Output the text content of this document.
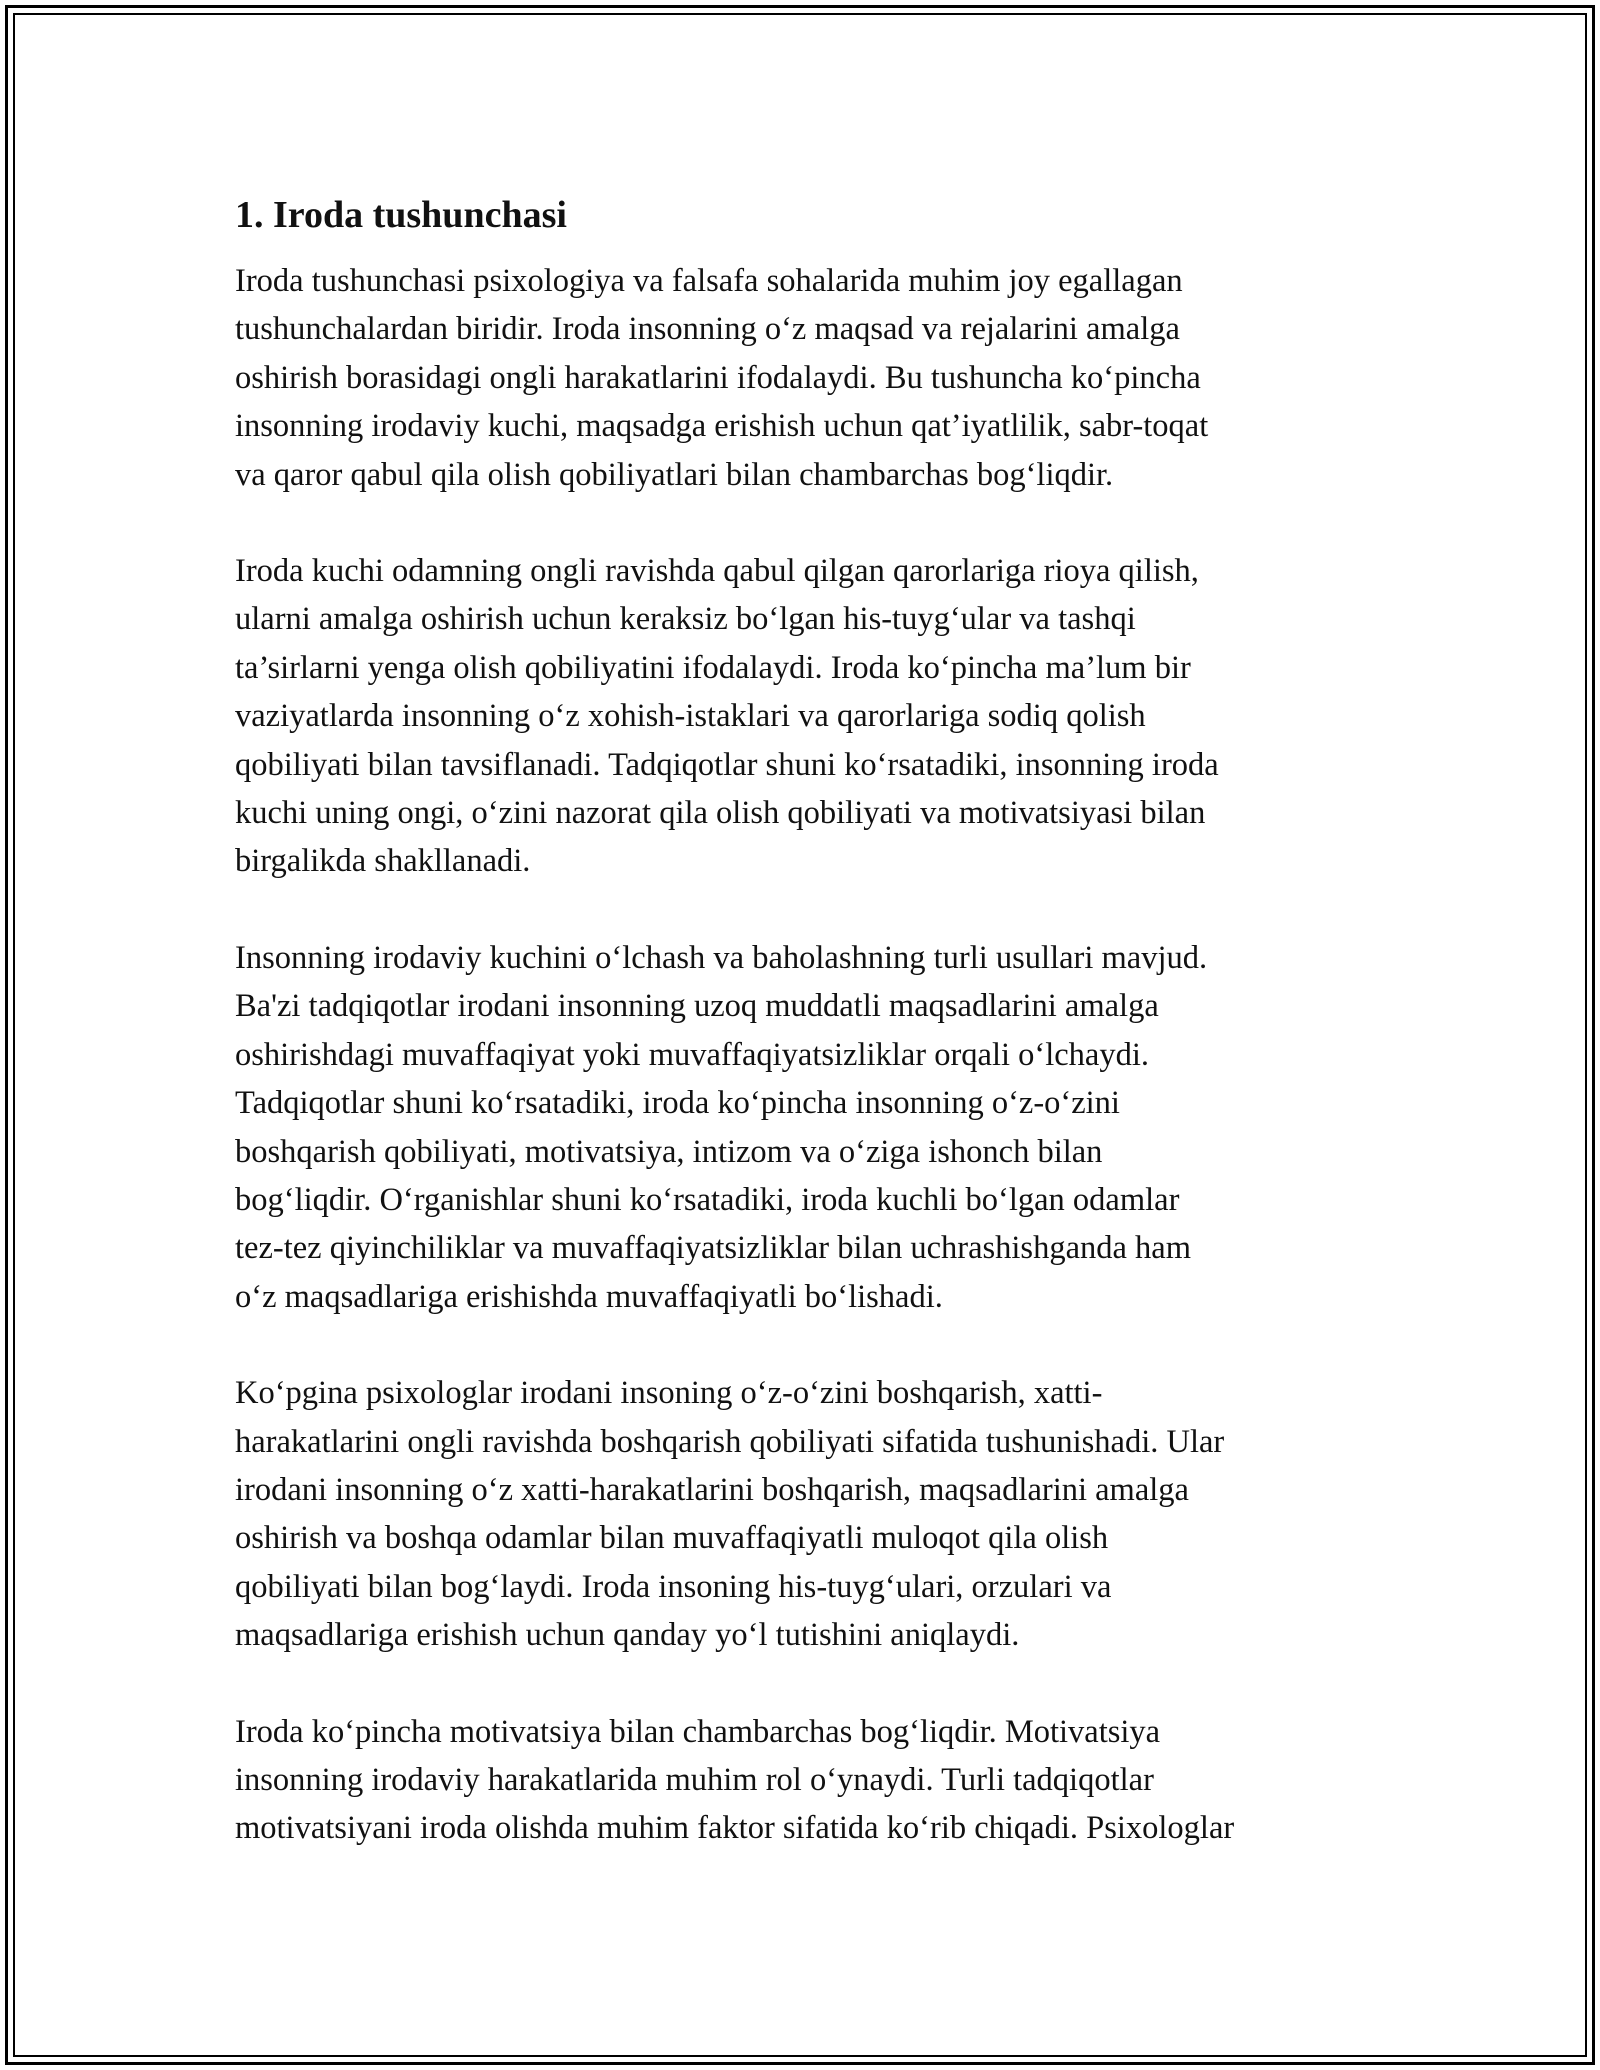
1. Iroda tushunchasi

Iroda tushunchasi psixologiya va falsafa sohalarida muhim joy egallagan
tushunchalardan biridir. Iroda insonning o‘z maqsad va rejalarini amalga
oshirish borasidagi ongli harakatlarini ifodalaydi. Bu tushuncha ko‘pincha
insonning irodaviy kuchi, maqsadga erishish uchun qat’iyatlilik, sabr-toqat
va qaror qabul qila olish qobiliyatlari bilan chambarchas bog‘liqdir.

Iroda kuchi odamning ongli ravishda qabul qilgan qarorlariga rioya qilish,
ularni amalga oshirish uchun keraksiz bo‘lgan his-tuyg‘ular va tashqi
ta’sirlarni yenga olish qobiliyatini ifodalaydi. Iroda ko‘pincha ma’lum bir
vaziyatlarda insonning o‘z xohish-istaklari va qarorlariga sodiq qolish
qobiliyati bilan tavsiflanadi. Tadqiqotlar shuni ko‘rsatadiki, insonning iroda
kuchi uning ongi, o‘zini nazorat qila olish qobiliyati va motivatsiyasi bilan
birgalikda shakllanadi.

Insonning irodaviy kuchini o‘lchash va baholashning turli usullari mavjud.
Ba'zi tadqiqotlar irodani insonning uzoq muddatli maqsadlarini amalga
oshirishdagi muvaffaqiyat yoki muvaffaqiyatsizliklar orqali o‘lchaydi.
Tadqiqotlar shuni ko‘rsatadiki, iroda ko‘pincha insonning o‘z-o‘zini
boshqarish qobiliyati, motivatsiya, intizom va o‘ziga ishonch bilan
bog‘liqdir. O‘rganishlar shuni ko‘rsatadiki, iroda kuchli bo‘lgan odamlar
tez-tez qiyinchiliklar va muvaffaqiyatsizliklar bilan uchrashishganda ham
o‘z maqsadlariga erishishda muvaffaqiyatli bo‘lishadi.

Ko‘pgina psixologlar irodani insoning o‘z-o‘zini boshqarish, xatti-
harakatlarini ongli ravishda boshqarish qobiliyati sifatida tushunishadi. Ular
irodani insonning o‘z xatti-harakatlarini boshqarish, maqsadlarini amalga
oshirish va boshqa odamlar bilan muvaffaqiyatli muloqot qila olish
qobiliyati bilan bog‘laydi. Iroda insoning his-tuyg‘ulari, orzulari va
maqsadlariga erishish uchun qanday yo‘l tutishini aniqlaydi.

Iroda ko‘pincha motivatsiya bilan chambarchas bog‘liqdir. Motivatsiya
insonning irodaviy harakatlarida muhim rol o‘ynaydi. Turli tadqiqotlar
motivatsiyani iroda olishda muhim faktor sifatida ko‘rib chiqadi. Psixologlar
